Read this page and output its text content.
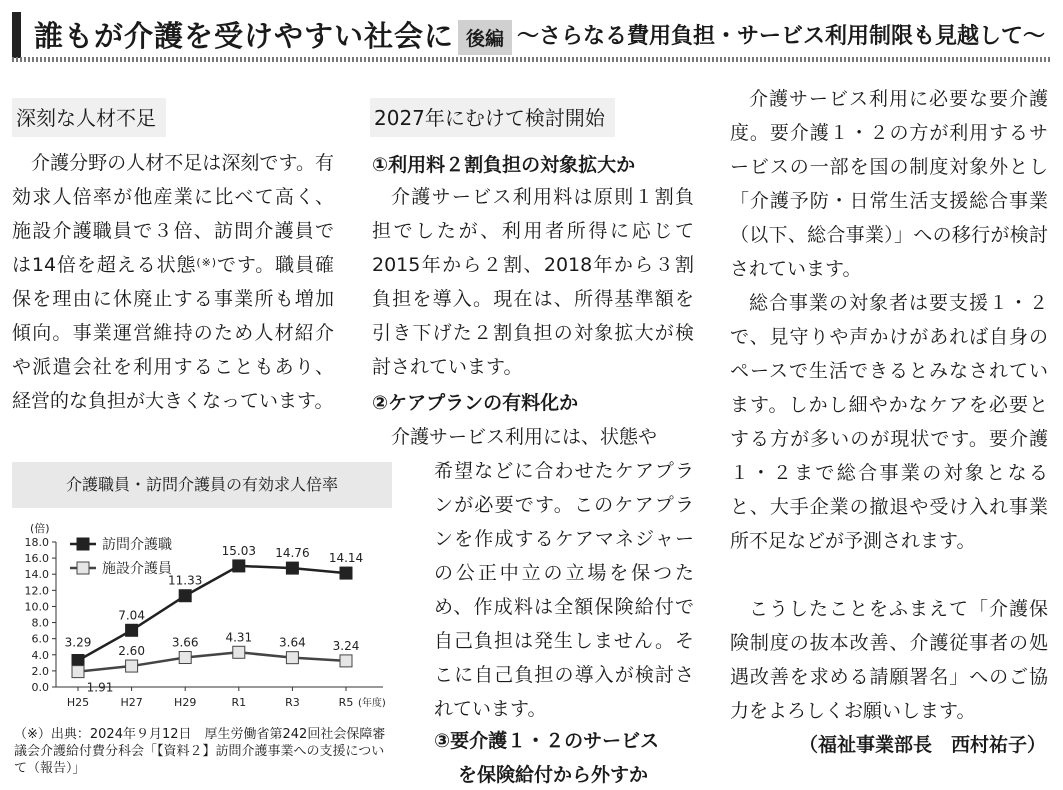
誰もが介護を受けやすい社会に 後編 〜さらなる費用負担・サービス利用制限も見越して〜
深刻な人材不足
介護分野の人材不足は深刻です。有効求人倍率が他産業に比べて高く、施設介護職員で３倍、訪問介護員では14倍を超える状態(※)です。職員確保を理由に休廃止する事業所も増加傾向。事業運営維持のため人材紹介や派遣会社を利用することもあり、経営的な負担が大きくなっています。
介護職員・訪問介護員の有効求人倍率
0.0
2.0
4.0
6.0
8.0
10.0
12.0
14.0
16.0
18.0
(倍)
H25	H27	H29	R1	R3	R5 (年度)
3.29
7.04
11.33
15.03 14.76 14.14
訪問介護職
1.91
2.60
3.66 4.31 3.64 3.24
施設介護員
（※）出典：2024年９月12日　厚生労働省第242回社会保障審議会介護給付費分科会「【資料２】訪問介護事業への支援について（報告）」
2027年にむけて検討開始
①利用料２割負担の対象拡大か
介護サービス利用料は原則１割負担でしたが、利用者所得に応じて2015年から２割、2018年から３割負担を導入。現在は、所得基準額を引き下げた２割負担の対象拡大が検討されています。
②ケアプランの有料化か
介護サービス利用には、状態や
希望などに合わせたケアプランが必要です。このケアプランを作成するケアマネジャーの公正中立の立場を保つため、作成料は全額保険給付で自己負担は発生しません。そこに自己負担の導入が検討されています。
③要介護１・２のサービス
を保険給付から外すか
介護サービス利用に必要な要介護度。要介護１・２の方が利用するサービスの一部を国の制度対象外とし「介護予防・日常生活支援総合事業（以下、総合事業）」への移行が検討されています。
総合事業の対象者は要支援１・２で、見守りや声かけがあれば自身のペースで生活できるとみなされています。しかし細やかなケアを必要とする方が多いのが現状です。要介護１・２まで総合事業の対象となると、大手企業の撤退や受け入れ事業所不足などが予測されます。
こうしたことをふまえて「介護保険制度の抜本改善、介護従事者の処遇改善を求める請願署名」へのご協力をよろしくお願いします。
（福祉事業部長　西村祐子）
